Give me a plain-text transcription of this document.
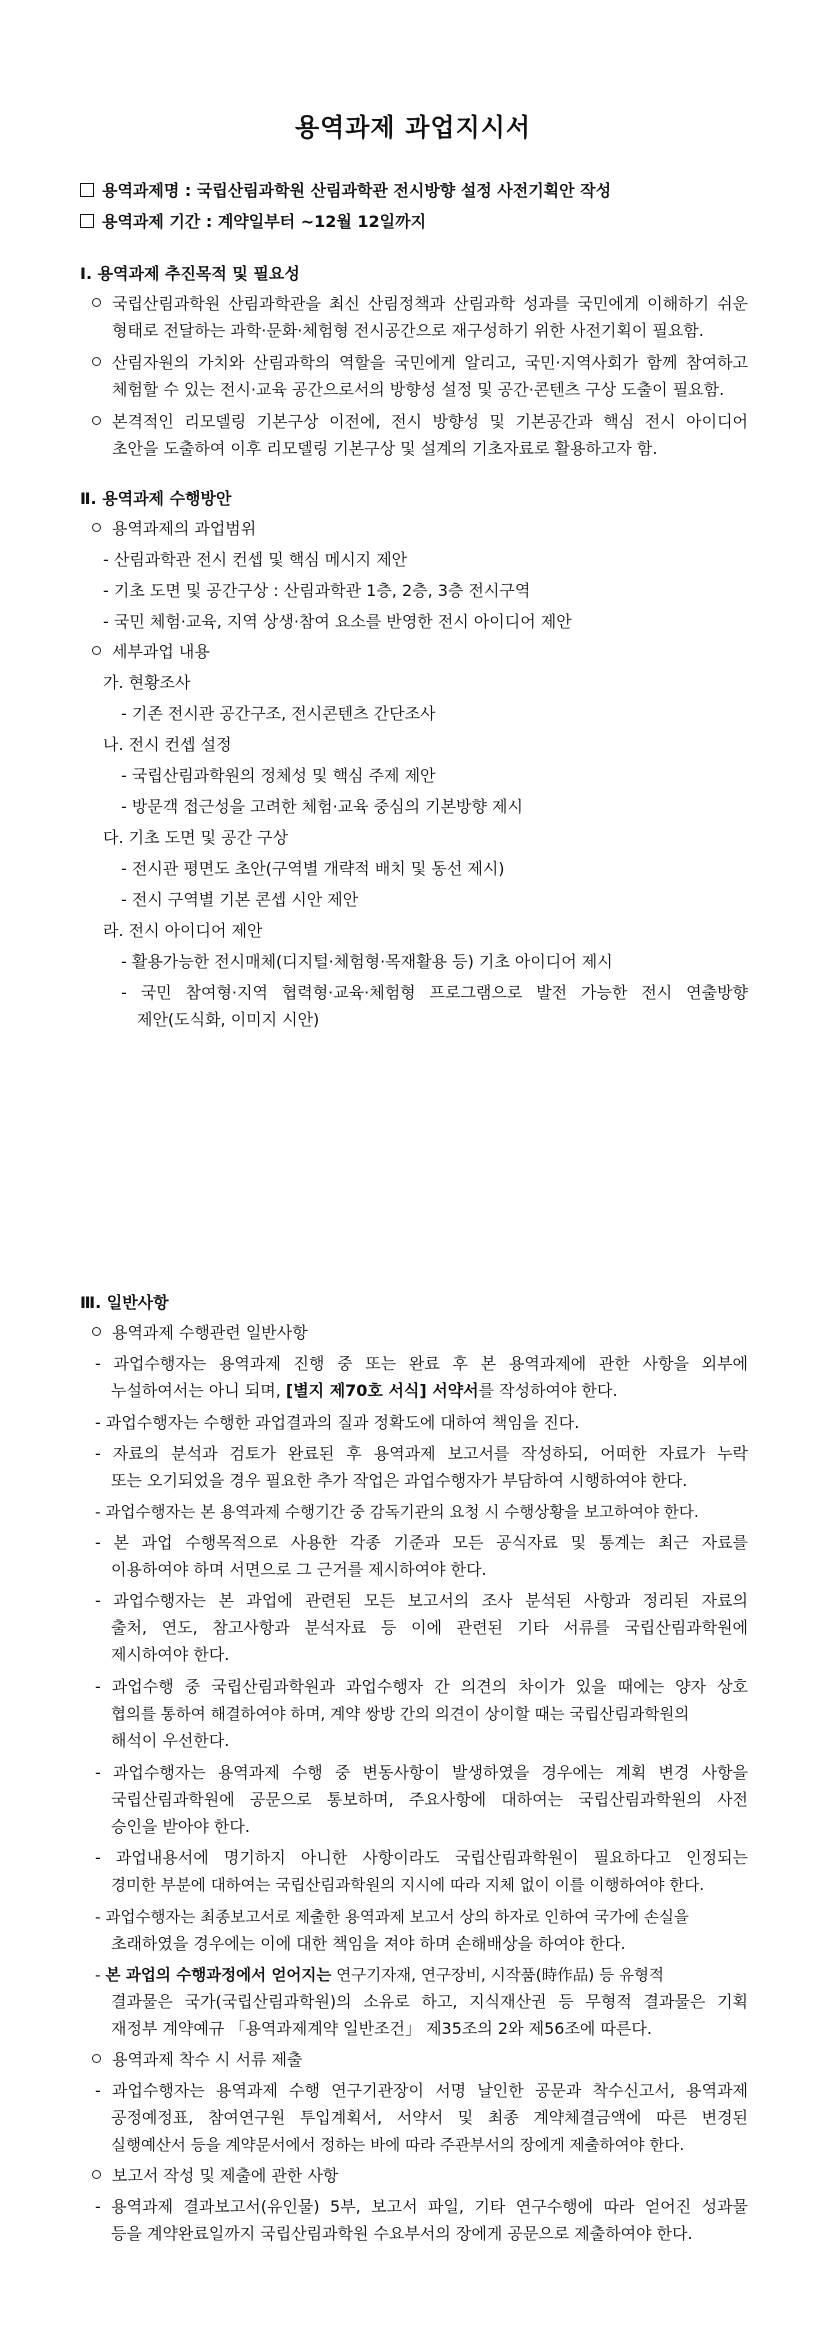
용역과제 과업지시서
용역과제명 : 국립산림과학원 산림과학관 전시방향 설정 사전기획안 작성
용역과제 기간 : 계약일부터 ~12월 12일까지
Ⅰ. 용역과제 추진목적 및 필요성
국립산림과학원 산림과학관을 최신 산림정책과 산림과학 성과를 국민에게 이해하기 쉬운
형태로 전달하는 과학·문화·체험형 전시공간으로 재구성하기 위한 사전기획이 필요함.
산림자원의 가치와 산림과학의 역할을 국민에게 알리고, 국민·지역사회가 함께 참여하고
체험할 수 있는 전시·교육 공간으로서의 방향성 설정 및 공간·콘텐츠 구상 도출이 필요함.
본격적인 리모델링 기본구상 이전에, 전시 방향성 및 기본공간과 핵심 전시 아이디어
초안을 도출하여 이후 리모델링 기본구상 및 설계의 기초자료로 활용하고자 함.
Ⅱ. 용역과제 수행방안
용역과제의 과업범위
- 산림과학관 전시 컨셉 및 핵심 메시지 제안
- 기초 도면 및 공간구상 : 산림과학관 1층, 2층, 3층 전시구역
- 국민 체험·교육, 지역 상생·참여 요소를 반영한 전시 아이디어 제안
세부과업 내용
가. 현황조사
- 기존 전시관 공간구조, 전시콘텐츠 간단조사
나. 전시 컨셉 설정
- 국립산림과학원의 정체성 및 핵심 주제 제안
- 방문객 접근성을 고려한 체험·교육 중심의 기본방향 제시
다. 기초 도면 및 공간 구상
- 전시관 평면도 초안(구역별 개략적 배치 및 동선 제시)
- 전시 구역별 기본 콘셉 시안 제안
라. 전시 아이디어 제안
- 활용가능한 전시매체(디지털·체험형·목재활용 등) 기초 아이디어 제시
- 국민 참여형·지역 협력형·교육·체험형 프로그램으로 발전 가능한 전시 연출방향
제안(도식화, 이미지 시안)
Ⅲ. 일반사항
용역과제 수행관련 일반사항
- 과업수행자는 용역과제 진행 중 또는 완료 후 본 용역과제에 관한 사항을 외부에
누설하여서는 아니 되며, [별지 제70호 서식] 서약서를 작성하여야 한다.
- 과업수행자는 수행한 과업결과의 질과 정확도에 대하여 책임을 진다.
- 자료의 분석과 검토가 완료된 후 용역과제 보고서를 작성하되, 어떠한 자료가 누락
또는 오기되었을 경우 필요한 추가 작업은 과업수행자가 부담하여 시행하여야 한다.
- 과업수행자는 본 용역과제 수행기간 중 감독기관의 요청 시 수행상황을 보고하여야 한다.
- 본 과업 수행목적으로 사용한 각종 기준과 모든 공식자료 및 통계는 최근 자료를
이용하여야 하며 서면으로 그 근거를 제시하여야 한다.
- 과업수행자는 본 과업에 관련된 모든 보고서의 조사 분석된 사항과 정리된 자료의
출처, 연도, 참고사항과 분석자료 등 이에 관련된 기타 서류를 국립산림과학원에
제시하여야 한다.
- 과업수행 중 국립산림과학원과 과업수행자 간 의견의 차이가 있을 때에는 양자 상호
협의를 통하여 해결하여야 하며, 계약 쌍방 간의 의견이 상이할 때는 국립산림과학원의
해석이 우선한다.
- 과업수행자는 용역과제 수행 중 변동사항이 발생하였을 경우에는 계획 변경 사항을
국립산림과학원에 공문으로 통보하며, 주요사항에 대하여는 국립산림과학원의 사전
승인을 받아야 한다.
- 과업내용서에 명기하지 아니한 사항이라도 국립산림과학원이 필요하다고 인정되는
경미한 부분에 대하여는 국립산림과학원의 지시에 따라 지체 없이 이를 이행하여야 한다.
- 과업수행자는 최종보고서로 제출한 용역과제 보고서 상의 하자로 인하여 국가에 손실을
초래하였을 경우에는 이에 대한 책임을 져야 하며 손해배상을 하여야 한다.
- 본 과업의 수행과정에서 얻어지는 연구기자재, 연구장비, 시작품(時作品) 등 유형적
결과물은 국가(국립산림과학원)의 소유로 하고, 지식재산권 등 무형적 결과물은 기획
재정부 계약예규 「용역과제계약 일반조건」 제35조의 2와 제56조에 따른다.
용역과제 착수 시 서류 제출
- 과업수행자는 용역과제 수행 연구기관장이 서명 날인한 공문과 착수신고서, 용역과제
공정예정표, 참여연구원 투입계획서, 서약서 및 최종 계약체결금액에 따른 변경된
실행예산서 등을 계약문서에서 정하는 바에 따라 주관부서의 장에게 제출하여야 한다.
보고서 작성 및 제출에 관한 사항
- 용역과제 결과보고서(유인물) 5부, 보고서 파일, 기타 연구수행에 따라 얻어진 성과물
등을 계약완료일까지 국립산림과학원 수요부서의 장에게 공문으로 제출하여야 한다.
